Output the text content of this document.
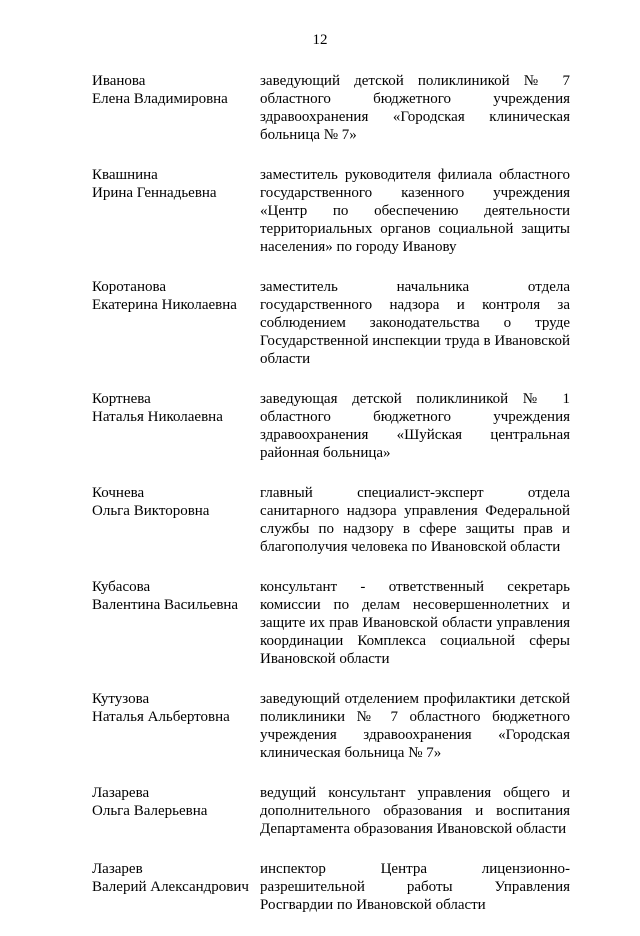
12
Иванова
Елена Владимировна
заведующий детской поликлиникой № 7 областного бюджетного учреждения здравоохранения «Городская клиническая больница № 7»
Квашнина
Ирина Геннадьевна
заместитель руководителя филиала областного государственного казенного учреждения «Центр по обеспечению деятельности территориальных органов социальной защиты населения» по городу Иванову
Коротанова
Екатерина Николаевна
заместитель начальника отдела государственного надзора и контроля за соблюдением законодательства о труде Государственной инспекции труда в Ивановской области
Кортнева
Наталья Николаевна
заведующая детской поликлиникой № 1 областного бюджетного учреждения здравоохранения «Шуйская центральная районная больница»
Кочнева
Ольга Викторовна
главный специалист-эксперт отдела санитарного надзора управления Федеральной службы по надзору в сфере защиты прав и благополучия человека по Ивановской области
Кубасова
Валентина Васильевна
консультант - ответственный секретарь комиссии по делам несовершеннолетних и защите их прав Ивановской области управления координации Комплекса социальной сферы Ивановской области
Кутузова
Наталья Альбертовна
заведующий отделением профилактики детской поликлиники № 7 областного бюджетного учреждения здравоохранения «Городская клиническая больница № 7»
Лазарева
Ольга Валерьевна
ведущий консультант управления общего и дополнительного образования и воспитания Департамента образования Ивановской области
Лазарев
Валерий Александрович
инспектор Центра лицензионно-разрешительной работы Управления Росгвардии по Ивановской области
